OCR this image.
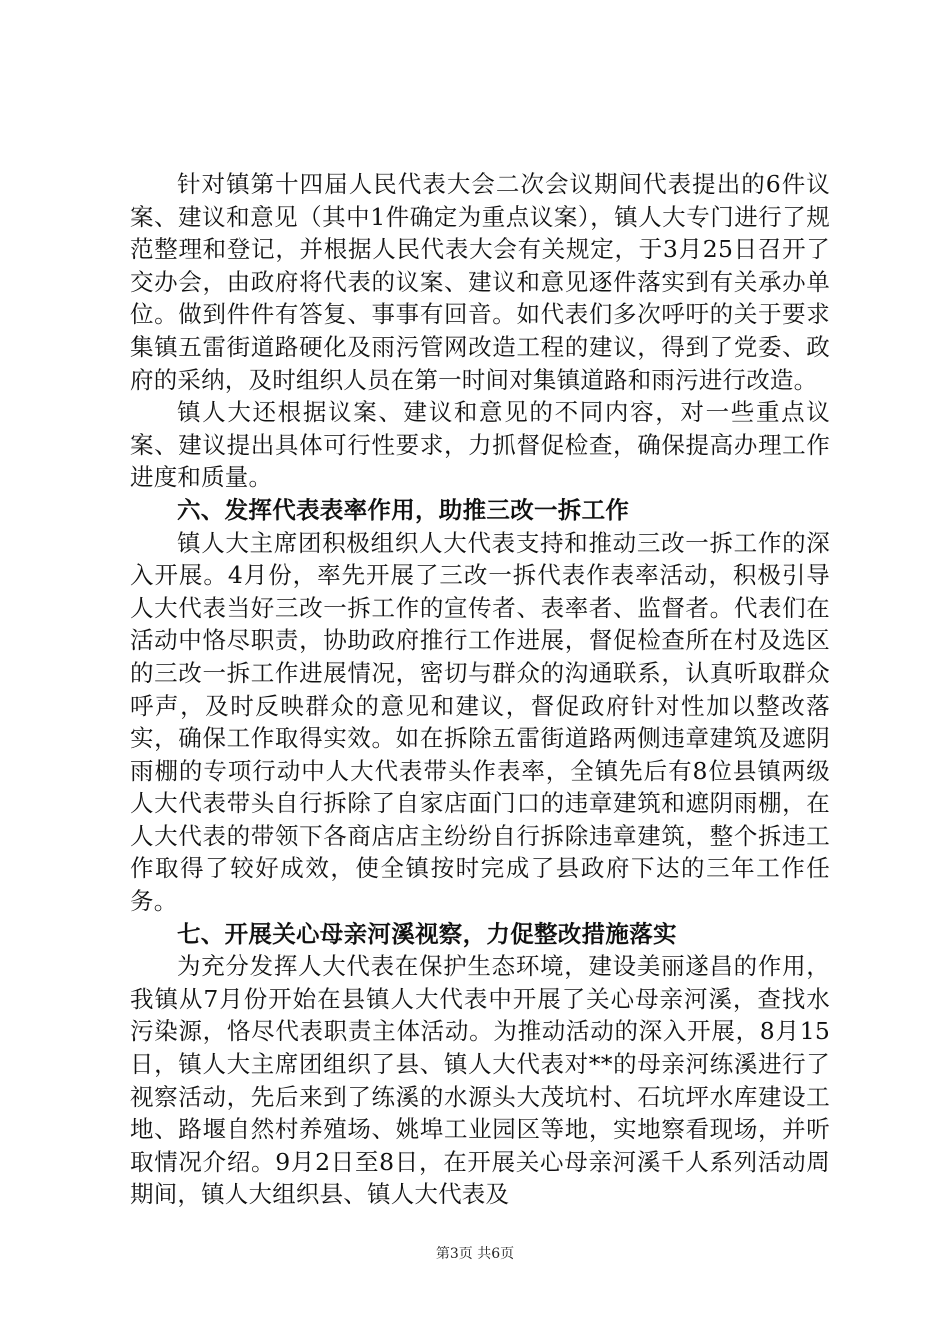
针对镇第十四届人民代表大会二次会议期间代表提出的6件议案、建议和意见（其中1件确定为重点议案），镇人大专门进行了规范整理和登记，并根据人民代表大会有关规定，于3月25日召开了交办会，由政府将代表的议案、建议和意见逐件落实到有关承办单位。做到件件有答复、事事有回音。如代表们多次呼吁的关于要求集镇五雷街道路硬化及雨污管网改造工程的建议，得到了党委、政府的采纳，及时组织人员在第一时间对集镇道路和雨污进行改造。

镇人大还根据议案、建议和意见的不同内容，对一些重点议案、建议提出具体可行性要求，力抓督促检查，确保提高办理工作进度和质量。

六、发挥代表表率作用，助推三改一拆工作

镇人大主席团积极组织人大代表支持和推动三改一拆工作的深入开展。4月份，率先开展了三改一拆代表作表率活动，积极引导人大代表当好三改一拆工作的宣传者、表率者、监督者。代表们在活动中恪尽职责，协助政府推行工作进展，督促检查所在村及选区的三改一拆工作进展情况，密切与群众的沟通联系，认真听取群众呼声，及时反映群众的意见和建议，督促政府针对性加以整改落实，确保工作取得实效。如在拆除五雷街道路两侧违章建筑及遮阴雨棚的专项行动中人大代表带头作表率，全镇先后有8位县镇两级人大代表带头自行拆除了自家店面门口的违章建筑和遮阴雨棚，在人大代表的带领下各商店店主纷纷自行拆除违章建筑，整个拆违工作取得了较好成效，使全镇按时完成了县政府下达的三年工作任务。

七、开展关心母亲河溪视察，力促整改措施落实

为充分发挥人大代表在保护生态环境，建设美丽遂昌的作用，我镇从7月份开始在县镇人大代表中开展了关心母亲河溪，查找水污染源，恪尽代表职责主体活动。为推动活动的深入开展，8月15日，镇人大主席团组织了县、镇人大代表对**的母亲河练溪进行了视察活动，先后来到了练溪的水源头大茂坑村、石坑坪水库建设工地、路堰自然村养殖场、姚埠工业园区等地，实地察看现场，并听取情况介绍。9月2日至8日，在开展关心母亲河溪千人系列活动周期间，镇人大组织县、镇人大代表及

第3页 共6页
